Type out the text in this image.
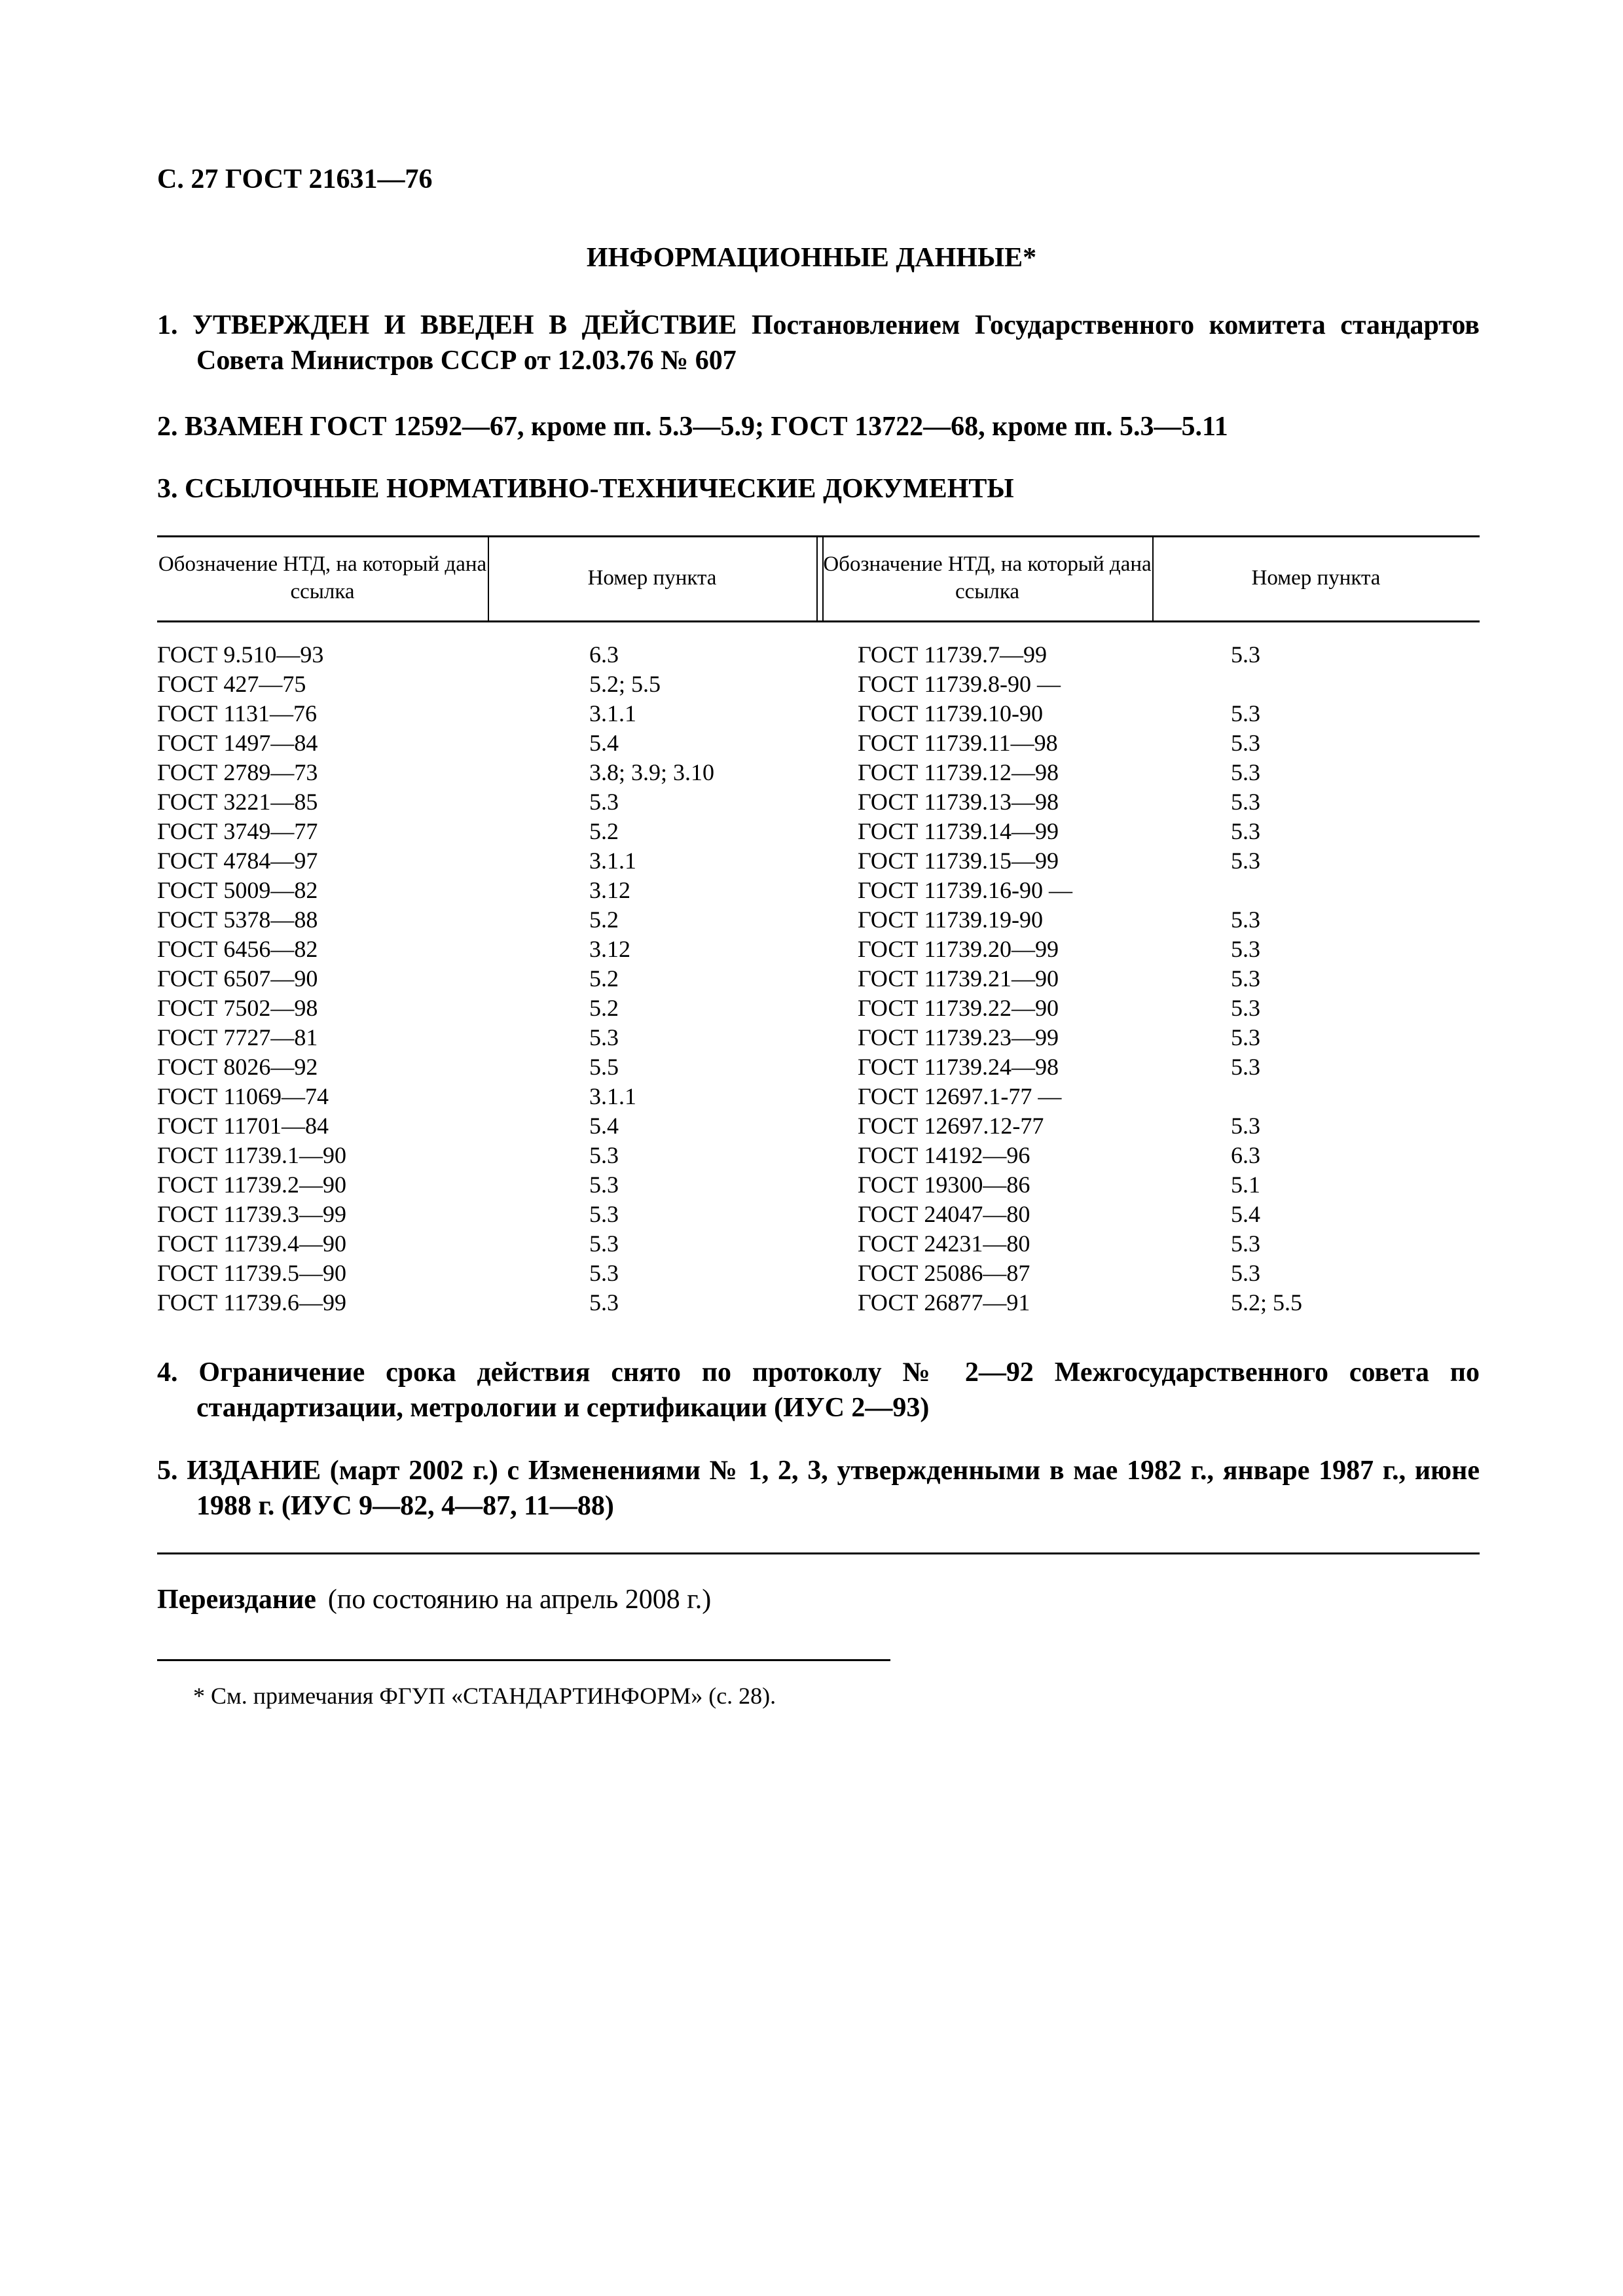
С. 27 ГОСТ 21631—76
ИНФОРМАЦИОННЫЕ ДАННЫЕ*
1. УТВЕРЖДЕН И ВВЕДЕН В ДЕЙСТВИЕ Постановлением Государственного комитета стандартов Совета Министров СССР от 12.03.76 № 607
2. ВЗАМЕН ГОСТ 12592—67, кроме пп. 5.3—5.9; ГОСТ 13722—68, кроме пп. 5.3—5.11
3. ССЫЛОЧНЫЕ НОРМАТИВНО-ТЕХНИЧЕСКИЕ ДОКУМЕНТЫ
Обозначение НТД, на который дана ссылка
Номер пункта
Обозначение НТД, на который дана ссылка
Номер пункта
ГОСТ 9.510—93
ГОСТ 427—75
ГОСТ 1131—76
ГОСТ 1497—84
ГОСТ 2789—73
ГОСТ 3221—85
ГОСТ 3749—77
ГОСТ 4784—97
ГОСТ 5009—82
ГОСТ 5378—88
ГОСТ 6456—82
ГОСТ 6507—90
ГОСТ 7502—98
ГОСТ 7727—81
ГОСТ 8026—92
ГОСТ 11069—74
ГОСТ 11701—84
ГОСТ 11739.1—90
ГОСТ 11739.2—90
ГОСТ 11739.3—99
ГОСТ 11739.4—90
ГОСТ 11739.5—90
ГОСТ 11739.6—99
6.3
5.2; 5.5
3.1.1
5.4
3.8; 3.9; 3.10
5.3
5.2
3.1.1
3.12
5.2
3.12
5.2
5.2
5.3
5.5
3.1.1
5.4
5.3
5.3
5.3
5.3
5.3
5.3
ГОСТ 11739.7—99
ГОСТ 11739.8-90 —
ГОСТ 11739.10-90
ГОСТ 11739.11—98
ГОСТ 11739.12—98
ГОСТ 11739.13—98
ГОСТ 11739.14—99
ГОСТ 11739.15—99
ГОСТ 11739.16-90 —
ГОСТ 11739.19-90
ГОСТ 11739.20—99
ГОСТ 11739.21—90
ГОСТ 11739.22—90
ГОСТ 11739.23—99
ГОСТ 11739.24—98
ГОСТ 12697.1-77 —
ГОСТ 12697.12-77
ГОСТ 14192—96
ГОСТ 19300—86
ГОСТ 24047—80
ГОСТ 24231—80
ГОСТ 25086—87
ГОСТ 26877—91
5.3
5.3
5.3
5.3
5.3
5.3
5.3
5.3
5.3
5.3
5.3
5.3
5.3
5.3
6.3
5.1
5.4
5.3
5.3
5.2; 5.5
4. Ограничение срока действия снято по протоколу № 2—92 Межгосударственного совета по стандартизации, метрологии и сертификации (ИУС 2—93)
5. ИЗДАНИЕ (март 2002 г.) с Изменениями № 1, 2, 3, утвержденными в мае 1982 г., январе 1987 г., июне 1988 г. (ИУС 9—82, 4—87, 11—88)
Переиздание (по состоянию на апрель 2008 г.)
* См. примечания ФГУП «СТАНДАРТИНФОРМ» (с. 28).
